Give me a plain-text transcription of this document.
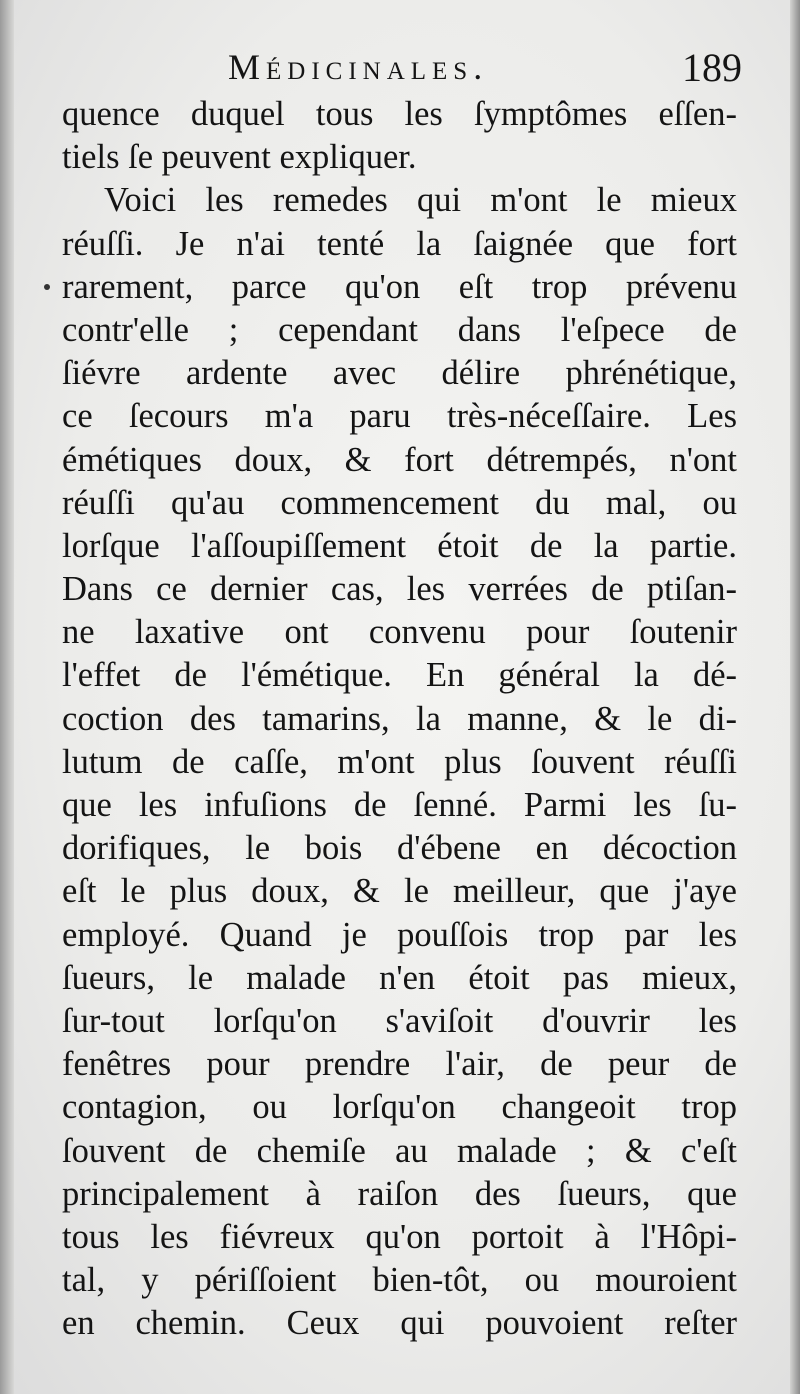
Médicinales.	189
quence duquel tous les ſymptômes eſſen-
tiels ſe peuvent expliquer.
Voici les remedes qui m'ont le mieux
réuſſi. Je n'ai tenté la ſaignée que fort
rarement, parce qu'on eſt trop prévenu
contr'elle ; cependant dans l'eſpece de
ſiévre ardente avec délire phrénétique,
ce ſecours m'a paru très-néceſſaire. Les
émétiques doux, & fort détrempés, n'ont
réuſſi qu'au commencement du mal, ou
lorſque l'aſſoupiſſement étoit de la partie.
Dans ce dernier cas, les verrées de ptiſan-
ne laxative ont convenu pour ſoutenir
l'effet de l'émétique. En général la dé-
coction des tamarins, la manne, & le di-
lutum de caſſe, m'ont plus ſouvent réuſſi
que les infuſions de ſenné. Parmi les ſu-
dorifiques, le bois d'ébene en décoction
eſt le plus doux, & le meilleur, que j'aye
employé. Quand je pouſſois trop par les
ſueurs, le malade n'en étoit pas mieux,
ſur-tout lorſqu'on s'aviſoit d'ouvrir les
fenêtres pour prendre l'air, de peur de
contagion, ou lorſqu'on changeoit trop
ſouvent de chemiſe au malade ; & c'eſt
principalement à raiſon des ſueurs, que
tous les fiévreux qu'on portoit à l'Hôpi-
tal, y périſſoient bien-tôt, ou mouroient
en chemin. Ceux qui pouvoient reſter
